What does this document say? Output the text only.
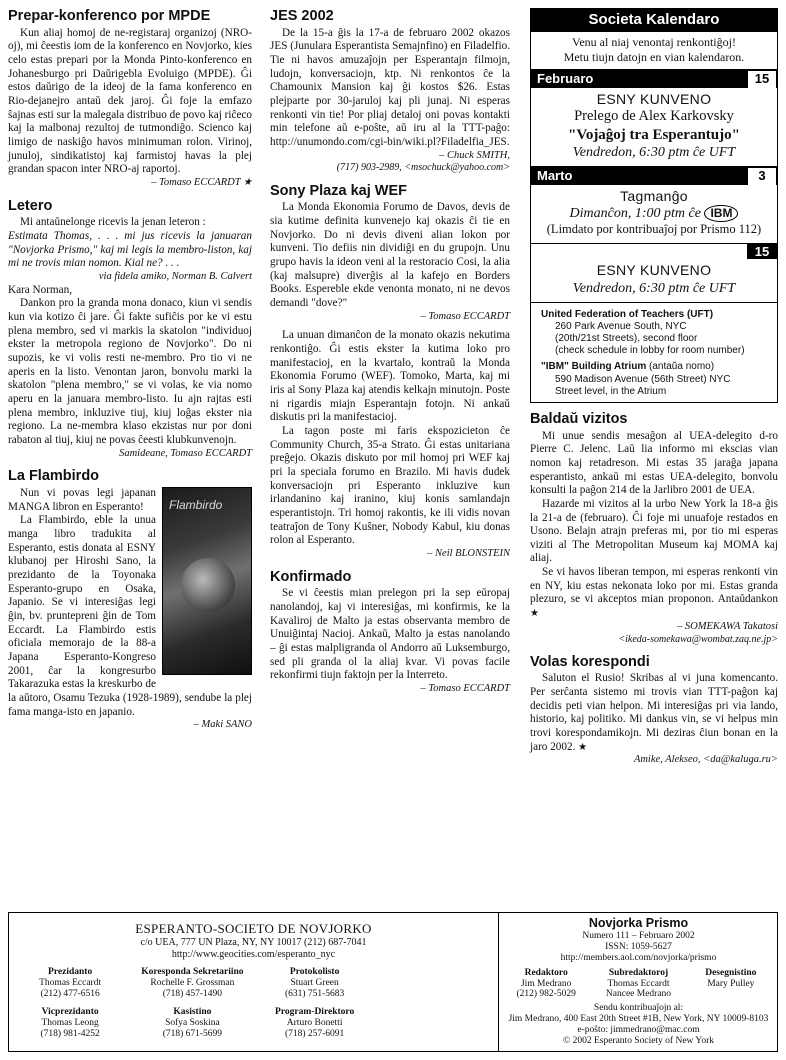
Prepar-konferenco por MPDE

Kun aliaj homoj de ne-registaraj organizoj (NRO-oj), mi ĉeestis iom de la konferenco en Novjorko, kies celo estas prepari por la Monda Pinto-konferenco en Johanesburgo pri Daŭrigebla Evoluigo (MPDE). Ĝi estos daŭrigo de la ideoj de la fama konferenco en Rio-dejanejro antaŭ dek jaroj. Ĝi foje la emfazo ŝajnas esti sur la malegala distribuo de povo kaj riĉeco kaj la malbonaj rezultoj de tutmondiĝo. Scienco kaj limigo de naskiĝo havos minimuman rolon. Virinoj, junuloj, sindikatistoj kaj farmistoj havas la plej grandan spacon inter NRO-aj raportoj.

– Tomaso ECCARDT ★
Letero

Mi antaŭnelonge ricevis la jenan leteron :

Estimata Thomas, . . . mi jus ricevis la januaran "Novjorka Prismo," kaj mi legis la membro-liston, kaj mi ne trovis mian nomon. Kial ne? . . .

via fidela amiko, Norman B. Calvert

Kara Norman,

Dankon pro la granda mona donaco, kiun vi sendis kun via kotizo ĉi jare. Ĝi fakte sufiĉis por ke vi estu plena membro, sed vi markis la skatolon "individuoj ekster la metropola regiono de Novjorko". Do ni supozis, ke vi volis resti ne-membro. Pro tio vi ne aperis en la listo. Venontan jaron, bonvolu marki la skatolon "plena membro," se vi volas, ke via nomo aperu en la januara membro-listo. Iu ajn rajtas esti plena membro, inkluzive tiuj, kiuj loĝas ekster nia regiono. La ne-membra klaso ekzistas nur por doni rabaton al tiuj, kiuj ne povas ĉeesti klubkunvenojn.

Samideane, Tomaso ECCARDT
La Flambirdo
Flambirdo

Nun vi povas legi japanan MANGA libron en Esperanto!

La Flambirdo, eble la unua manga libro tradukita al Esperanto, estis donata al ESNY klubanoj per Hiroshi Sano, la prezidanto de la Toyonaka Esperanto-grupo en Osaka, Japanio. Se vi interesiĝas legi ĝin, bv. pruntepreni ĝin de Tom Eccardt. La Flambirdo estis oficiala memorajo de la 88-a Japana Esperanto-Kongreso 2001, ĉar la kongresurbo Takarazuka estas la kreskurbo de la aŭtoro, Osamu Tezuka (1928-1989), sendube la plej fama manga-isto en japanio.

– Maki SANO
JES 2002

De la 15-a ĝis la 17-a de februaro 2002 okazos JES (Junulara Esperantista Semajnfino) en Filadelfio. Tie ni havos amuzaĵojn per Esperantajn filmojn, ludojn, konversaciojn, ktp. Ni renkontos ĉe la Chamounix Mansion kaj ĝi kostos $26. Estas plejparte por 30-jaruloj kaj pli junaj. Ni esperas renkonti vin tie! Por pliaj detaloj oni povas kontakti min telefone aŭ e-poŝte, aŭ iru al la TTT-paĝo: http://unumondo.com/cgi-bin/wiki.pl?Filadelfia_JES.

– Chuck SMITH,
(717) 903-2989, <msochuck@yahoo.com>
Sony Plaza kaj WEF

La Monda Ekonomia Forumo de Davos, devis de sia kutime definita kunvenejo kaj okazis ĉi tie en Novjorko. Do ni devis diveni alian lokon por kunveni. Tio defiis nin dividiĝi en du grupojn. Unu grupo havis la ideon veni al la restoracio Cosi, la alia (kaj malsupre) diverĝis al la kafejo en Borders Books. Espereble ekde venonta monato, ni ne devos demandi "dove?"

– Tomaso ECCARDT

La unuan dimanĉon de la monato okazis nekutima renkontiĝo. Ĝi estis ekster la kutima loko pro manifestacioj, en la kvartalo, kontraŭ la Monda Ekonomia Forumo (WEF). Tomoko, Marta, kaj mi iris al Sony Plaza kaj atendis kelkajn minutojn. Poste ni rigardis miajn Esperantajn fotojn. Ni ankaŭ diskutis pri la manifestacioj.

La tagon poste mi faris ekspozicieton ĉe Community Church, 35-a Strato. Ĝi estas unitariana preĝejo. Okazis diskuto por mil homoj pri WEF kaj pri la speciala forumo en Brazilo. Mi havis dudek konversaciojn pri Esperanto inkluzive kun irlandanino kaj iranino, kiuj konis samlandajn esperantistojn. Tri homoj rakontis, ke ili vidis novan teatraĵon de Tony Kuŝner, Nobody Kabul, kiu donas rolon al Esperanto.

– Neil BLONSTEIN
Konfirmado

Se vi ĉeestis mian prelegon pri la sep eŭropaj nanolandoj, kaj vi interesiĝas, mi konfirmis, ke la Kavaliroj de Malto ja estas observanta membro de Unuiĝintaj Nacioj. Ankaŭ, Malto ja estas nanolando – ĝi estas malpligranda ol Andorro aŭ Luksemburgo, sed pli granda ol la aliaj kvar. Vi povas facile rekonfirmi tiujn faktojn per la Interreto.

– Tomaso ECCARDT
Societa Kalendaro
Venu al niaj venontaj renkontiĝoj!
Metu tiujn datojn en vian kalendaron.
Februaro	15
ESNY KUNVENO
Prelego de Alex Karkovsky
"Vojaĝoj tra Esperantujo"
Vendredon, 6:30 ptm ĉe UFT
Marto	3
Tagmanĝo
Dimanĉon, 1:00 ptm ĉe IBM
(Limdato por kontribuaĵoj por Prismo 112)
15
ESNY KUNVENO
Vendredon, 6:30 ptm ĉe UFT
United Federation of Teachers (UFT)
260 Park Avenue South, NYC
(20th/21st Streets), second floor
(check schedule in lobby for room number)
"IBM" Building Atrium (antaŭa nomo)
590 Madison Avenue (56th Street) NYC
Street level, in the Atrium
Baldaŭ vizitos

Mi unue sendis mesaĝon al UEA-delegito d-ro Pierre C. Jelenc. Laŭ lia informo mi ekscias vian nomon kaj retadreson. Mi estas 35 jaraĝa japana esperantisto, ankaŭ mi estas UEA-delegito, bonvolu konsulti la paĝon 214 de la Jarlibro 2001 de UEA.

Hazarde mi vizitos al la urbo New York la 18-a ĝis la 21-a de (februaro). Ĉi foje mi unuafoje restados en Usono. Belajn atrajn preferas mi, por tio mi esperas viziti al The Metropolitan Museum kaj MOMA kaj aliaj.

Se vi havos liberan tempon, mi esperas renkonti vin en NY, kiu estas nekonata loko por mi. Estas granda plezuro, se vi akceptos mian proponon. Antaŭdankon ★

– SOMEKAWA Takatosi
<ikeda-somekawa@wombat.zaq.ne.jp>
Volas korespondi

Saluton el Rusio! Skribas al vi juna komencanto. Per serĉanta sistemo mi trovis vian TTT-paĝon kaj decidis peti vian helpon. Mi interesiĝas pri via lando, historio, kaj politiko. Mi dankus vin, se vi helpus min trovi korespondamikojn. Mi deziras ĉiun bonan en la jaro 2002. ★

Amike, Alekseo, <da@kaluga.ru>
ESPERANTO-SOCIETO DE NOVJORKO
c/o UEA, 777 UN Plaza, NY, NY 10017 (212) 687-7041
http://www.geocities.com/esperanto_nyc
Prezidanto
Thomas Eccardt
(212) 477-6516
Korespondа Sekretariino
Rochelle F. Grossman
(718) 457-1490
Protokolisto
Stuart Green
(631) 751-5683
Vicprezidanto
Thomas Leong
(718) 981-4252
Kasistino
Sofya Soskina
(718) 671-5699
Program-Direktoro
Arturo Bonetti
(718) 257-6091
Novjorka Prismo
Numero 111 – Februaro 2002
ISSN: 1059-5627
http://members.aol.com/novjorka/prismo
Redaktoro
Jim Medrano
(212) 982-5029
Subredaktoroj
Thomas Eccardt
Nancee Medrano
Desegnistino
Mary Pulley
Sendu kontribuaĵojn al:
Jim Medrano, 400 East 20th Street #1B, New York, NY 10009-8103
e-poŝto: jimmedrano@mac.com
© 2002 Esperanto Society of New York
